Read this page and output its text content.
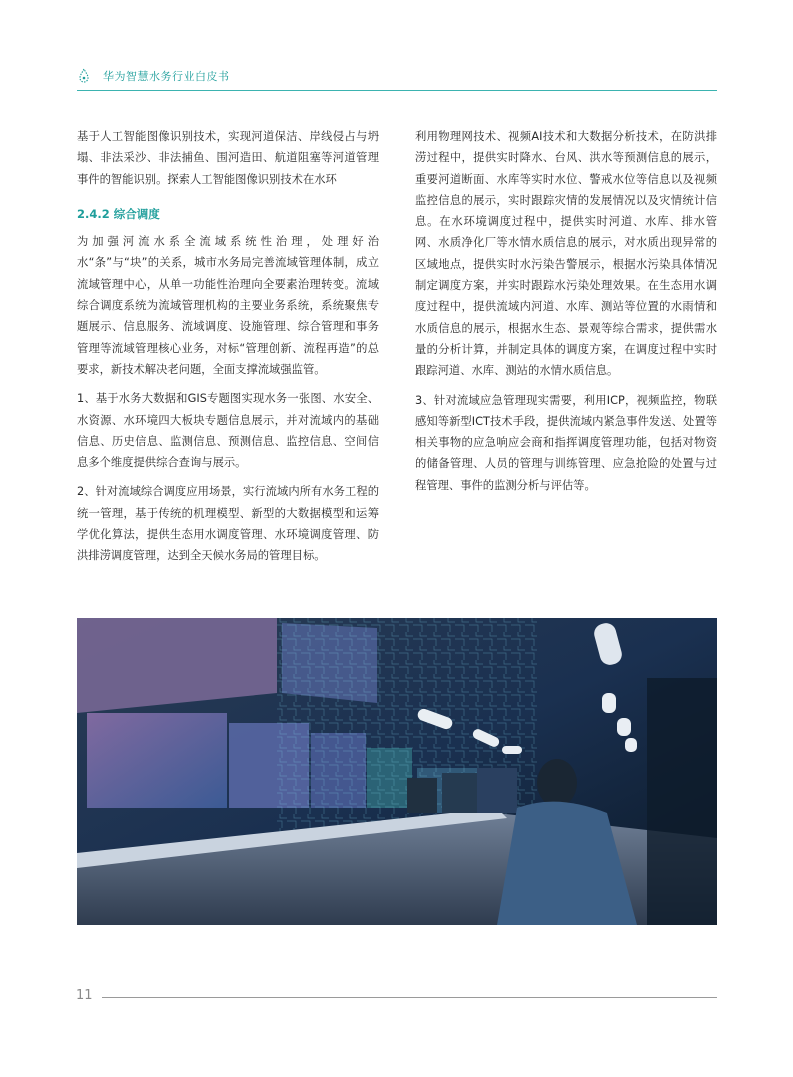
华为智慧水务行业白皮书

基于人工智能图像识别技术，实现河道保洁、岸线侵占与坍塌、非法采沙、非法捕鱼、围河造田、航道阻塞等河道管理事件的智能识别。探索人工智能图像识别技术在水环

2.4.2 综合调度

为加强河流水系全流域系统性治理，处理好治水“条”与“块”的关系，城市水务局完善流域管理体制，成立流域管理中心，从单一功能性治理向全要素治理转变。流域综合调度系统为流域管理机构的主要业务系统，系统聚焦专题展示、信息服务、流域调度、设施管理、综合管理和事务管理等流域管理核心业务，对标“管理创新、流程再造”的总要求，新技术解决老问题，全面支撑流域强监管。

1、基于水务大数据和GIS专题图实现水务一张图、水安全、水资源、水环境四大板块专题信息展示，并对流域内的基础信息、历史信息、监测信息、预测信息、监控信息、空间信息多个维度提供综合查询与展示。

2、针对流域综合调度应用场景，实行流域内所有水务工程的统一管理，基于传统的机理模型、新型的大数据模型和运筹学优化算法，提供生态用水调度管理、水环境调度管理、防洪排涝调度管理，达到全天候水务局的管理目标。

利用物理网技术、视频AI技术和大数据分析技术，在防洪排涝过程中，提供实时降水、台风、洪水等预测信息的展示，重要河道断面、水库等实时水位、警戒水位等信息以及视频监控信息的展示，实时跟踪灾情的发展情况以及灾情统计信息。在水环境调度过程中，提供实时河道、水库、排水管网、水质净化厂等水情水质信息的展示，对水质出现异常的区域地点，提供实时水污染告警展示，根据水污染具体情况制定调度方案，并实时跟踪水污染处理效果。在生态用水调度过程中，提供流域内河道、水库、测站等位置的水雨情和水质信息的展示，根据水生态、景观等综合需求，提供需水量的分析计算，并制定具体的调度方案，在调度过程中实时跟踪河道、水库、测站的水情水质信息。

3、针对流域应急管理现实需要，利用ICP，视频监控，物联感知等新型ICT技术手段，提供流域内紧急事件发送、处置等相关事物的应急响应会商和指挥调度管理功能，包括对物资的储备管理、人员的管理与训练管理、应急抢险的处置与过程管理、事件的监测分析与评估等。

11
